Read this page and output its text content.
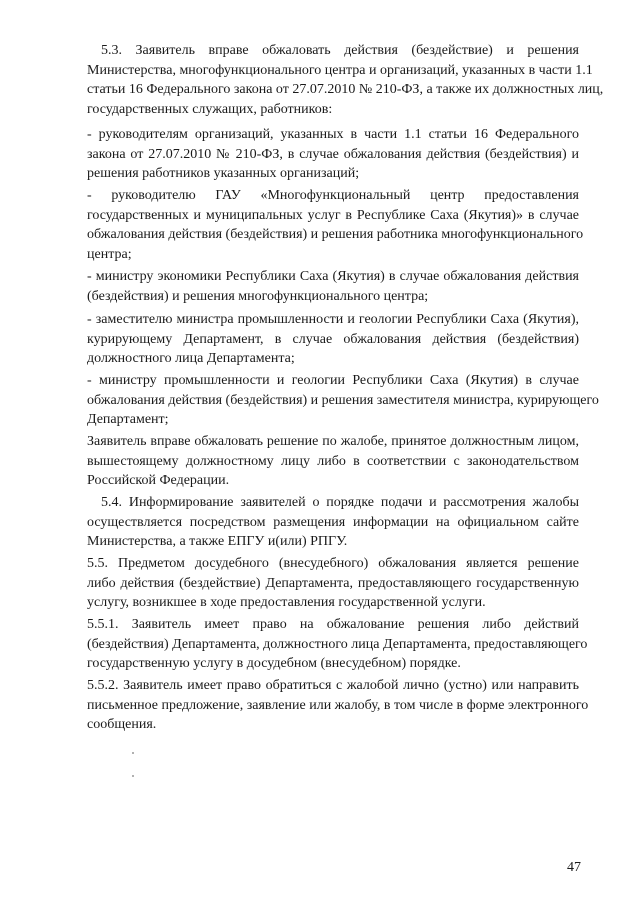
5.3. Заявитель вправе обжаловать действия (бездействие) и решения
Министерства, многофункционального центра и организаций, указанных в части 1.1
статьи 16 Федерального закона от 27.07.2010 № 210-ФЗ, а также их должностных лиц,
государственных служащих, работников:

- руководителям организаций, указанных в части 1.1 статьи 16 Федерального
закона от 27.07.2010 № 210-ФЗ, в случае обжалования действия (бездействия) и
решения работников указанных организаций;

- руководителю ГАУ «Многофункциональный центр предоставления
государственных и муниципальных услуг в Республике Саха (Якутия)» в случае
обжалования действия (бездействия) и решения работника многофункционального
центра;

- министру экономики Республики Саха (Якутия) в случае обжалования действия
(бездействия) и решения многофункционального центра;

- заместителю министра промышленности и геологии Республики Саха (Якутия),
курирующему Департамент, в случае обжалования действия (бездействия)
должностного лица Департамента;

- министру промышленности и геологии Республики Саха (Якутия) в случае
обжалования действия (бездействия) и решения заместителя министра, курирующего
Департамент;

Заявитель вправе обжаловать решение по жалобе, принятое должностным лицом,
вышестоящему должностному лицу либо в соответствии с законодательством
Российской Федерации.

5.4. Информирование заявителей о порядке подачи и рассмотрения жалобы
осуществляется посредством размещения информации на официальном сайте
Министерства, а также ЕПГУ и(или) РПГУ.

5.5. Предметом досудебного (внесудебного) обжалования является решение
либо действия (бездействие) Департамента, предоставляющего государственную
услугу, возникшее в ходе предоставления государственной услуги.

5.5.1. Заявитель имеет право на обжалование решения либо действий
(бездействия) Департамента, должностного лица Департамента, предоставляющего
государственную услугу в досудебном (внесудебном) порядке.

5.5.2. Заявитель имеет право обратиться с жалобой лично (устно) или направить
письменное предложение, заявление или жалобу, в том числе в форме электронного
сообщения.

47
